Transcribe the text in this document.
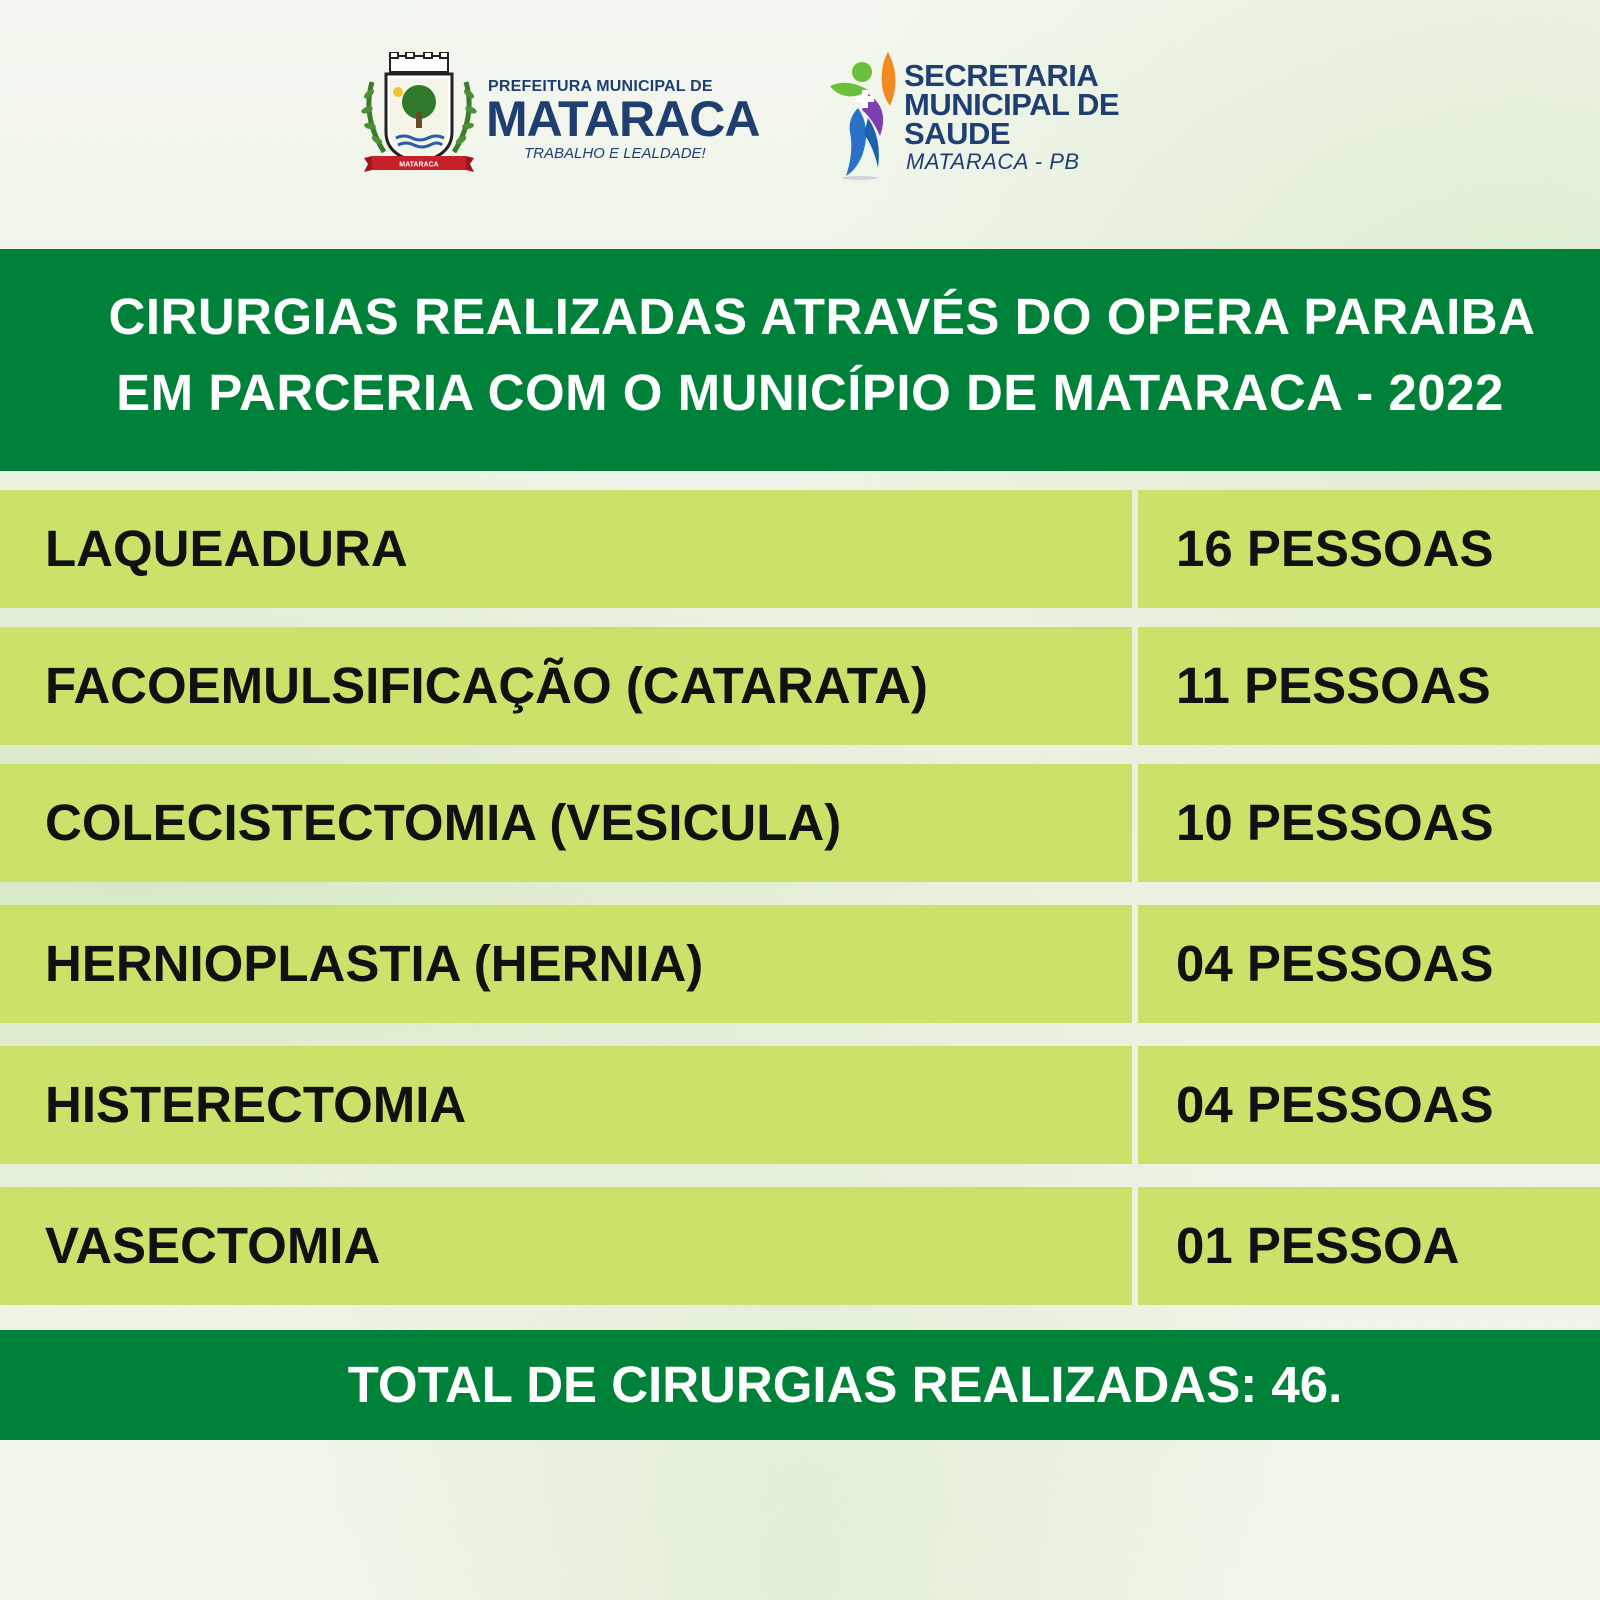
MATARACA
PREFEITURA MUNICIPAL DE
MATARACA
TRABALHO E LEALDADE!
SECRETARIA
MUNICIPAL DE
SAUDE
MATARACA - PB
CIRURGIAS REALIZADAS ATRAVÉS DO OPERA PARAIBA
EM PARCERIA COM O MUNICÍPIO DE MATARACA - 2022
LAQUEADURA	16 PESSOAS
FACOEMULSIFICAÇÃO (CATARATA)	11 PESSOAS
COLECISTECTOMIA (VESICULA)	10 PESSOAS
HERNIOPLASTIA (HERNIA)	04 PESSOAS
HISTERECTOMIA	04 PESSOAS
VASECTOMIA	01 PESSOA
TOTAL DE CIRURGIAS REALIZADAS: 46.
